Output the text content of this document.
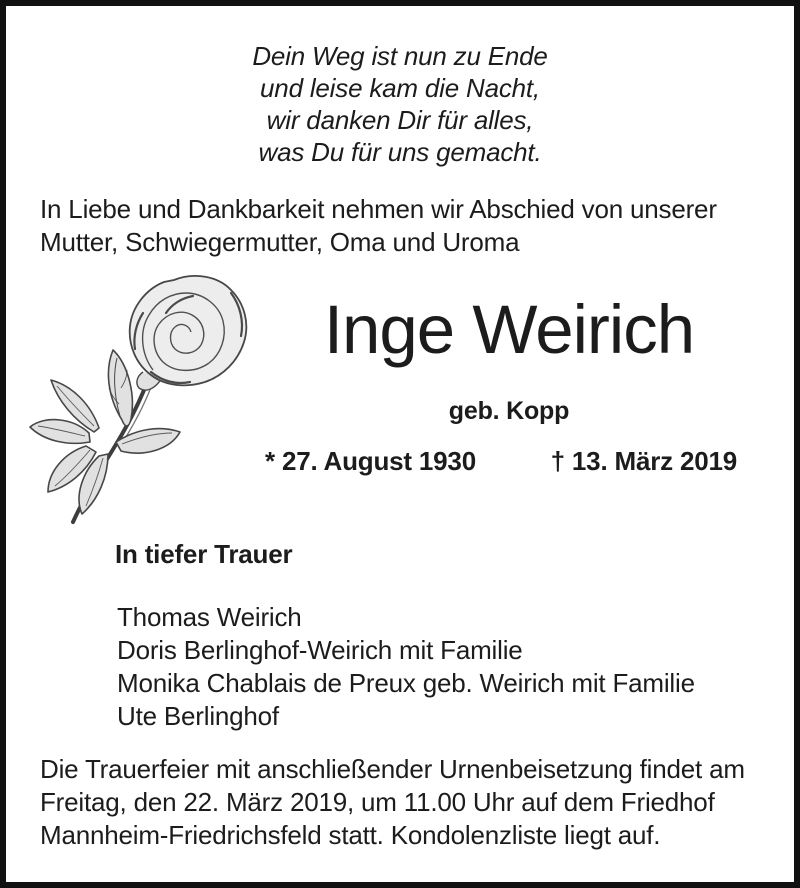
Dein Weg ist nun zu Ende
und leise kam die Nacht,
wir danken Dir für alles,
was Du für uns gemacht.
In Liebe und Dankbarkeit nehmen wir Abschied von unserer
Mutter, Schwiegermutter, Oma und Uroma
Inge Weirich
geb. Kopp
* 27. August 1930	† 13. März 2019
In tiefer Trauer
Thomas Weirich
Doris Berlinghof-Weirich mit Familie
Monika Chablais de Preux geb. Weirich mit Familie
Ute Berlinghof
Die Trauerfeier mit anschließender Urnenbeisetzung findet am
Freitag, den 22. März 2019, um 11.00 Uhr auf dem Friedhof
Mannheim-Friedrichsfeld statt. Kondolenzliste liegt auf.
